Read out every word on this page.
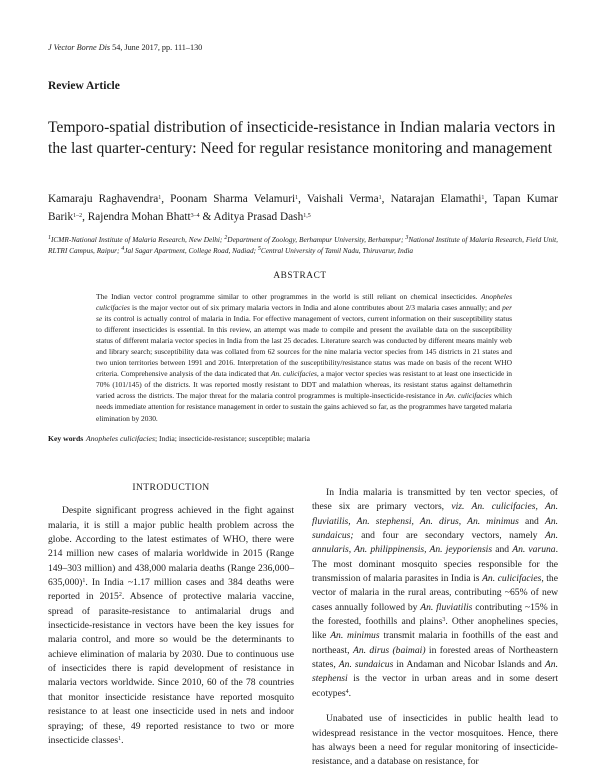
J Vector Borne Dis 54, June 2017, pp. 111–130
Review Article
Temporo-spatial distribution of insecticide-resistance in Indian malaria vectors in the last quarter-century: Need for regular resistance monitoring and management
Kamaraju Raghavendra$^1$, Poonam Sharma Velamuri$^1$, Vaishali Verma$^1$, Natarajan Elamathi$^1$, Tapan Kumar Barik$^{1-2}$, Rajendra Mohan Bhatt$^{3-4}$ & Aditya Prasad Dash$^{1,5}$
$^1$ICMR-National Institute of Malaria Research, New Delhi; $^2$Department of Zoology, Berhampur University, Berhampur; $^3$National Institute of Malaria Research, Field Unit, RLTRI Campus, Raipur; $^4$Jal Sagar Apartment, College Road, Nadiad; $^5$Central University of Tamil Nadu, Thiruvarur, India
ABSTRACT
The Indian vector control programme similar to other programmes in the world is still reliant on chemical insecticides. Anopheles culicifacies is the major vector out of six primary malaria vectors in India and alone contributes about 2/3 malaria cases annually; and per se its control is actually control of malaria in India. For effective management of vectors, current information on their susceptibility status to different insecticides is essential. In this review, an attempt was made to compile and present the available data on the susceptibility status of different malaria vector species in India from the last 25 decades. Literature search was conducted by different means mainly web and library search; susceptibility data was collated from 62 sources for the nine malaria vector species from 145 districts in 21 states and two union territories between 1991 and 2016. Interpretation of the susceptibility/resistance status was made on basis of the recent WHO criteria. Comprehensive analysis of the data indicated that An. culicifacies, a major vector species was resistant to at least one insecticide in 70% (101/145) of the districts. It was reported mostly resistant to DDT and malathion whereas, its resistant status against deltamethrin varied across the districts. The major threat for the malaria control programmes is multiple-insecticide-resistance in An. culicifacies which needs immediate attention for resistance management in order to sustain the gains achieved so far, as the programmes have targeted malaria elimination by 2030.
Key words Anopheles culicifacies; India; insecticide-resistance; susceptible; malaria
INTRODUCTION

Despite significant progress achieved in the fight against malaria, it is still a major public health problem across the globe. According to the latest estimates of WHO, there were 214 million new cases of malaria worldwide in 2015 (Range 149–303 million) and 438,000 malaria deaths (Range 236,000–635,000)$^1$. In India ~1.17 million cases and 384 deaths were reported in 2015$^2$. Absence of protective malaria vaccine, spread of parasite-resistance to antimalarial drugs and insecticide-resistance in vectors have been the key issues for malaria control, and more so would be the determinants to achieve elimination of malaria by 2030. Due to continuous use of insecticides there is rapid development of resistance in malaria vectors worldwide. Since 2010, 60 of the 78 countries that monitor insecticide resistance have reported mosquito resistance to at least one insecticide used in nets and indoor spraying; of these, 49 reported resistance to two or more insecticide classes$^1$.

In India malaria is transmitted by ten vector species, of these six are primary vectors, viz. An. culicifacies, An. fluviatilis, An. stephensi, An. dirus, An. minimus and An. sundaicus; and four are secondary vectors, namely An. annularis, An. philippinensis, An. jeyporiensis and An. varuna. The most dominant mosquito species responsible for the transmission of malaria parasites in India is An. culicifacies, the vector of malaria in the rural areas, contributing ~65% of new cases annually followed by An. fluviatilis contributing ~15% in the forested, foothills and plains$^3$. Other anophelines species, like An. minimus transmit malaria in foothills of the east and northeast, An. dirus (baimai) in forested areas of Northeastern states, An. sundaicus in Andaman and Nicobar Islands and An. stephensi is the vector in urban areas and in some desert ecotypes$^4$.

Unabated use of insecticides in public health lead to widespread resistance in the vector mosquitoes. Hence, there has always been a need for regular monitoring of insecticide-resistance, and a database on resistance, for
